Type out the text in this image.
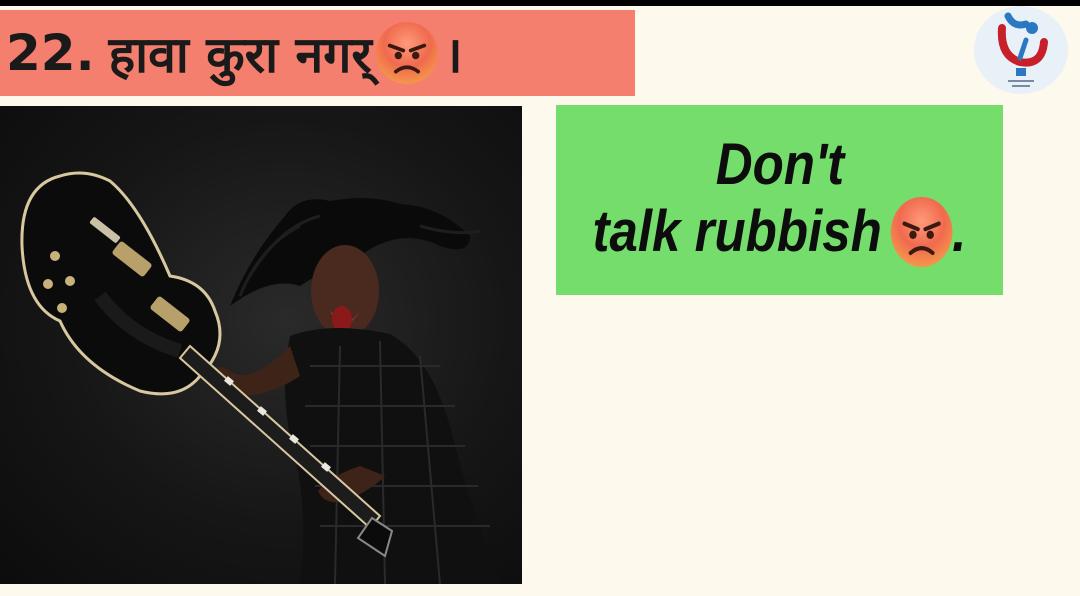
22. हावा कुरा नगर् ।
Don't
talk rubbish .
